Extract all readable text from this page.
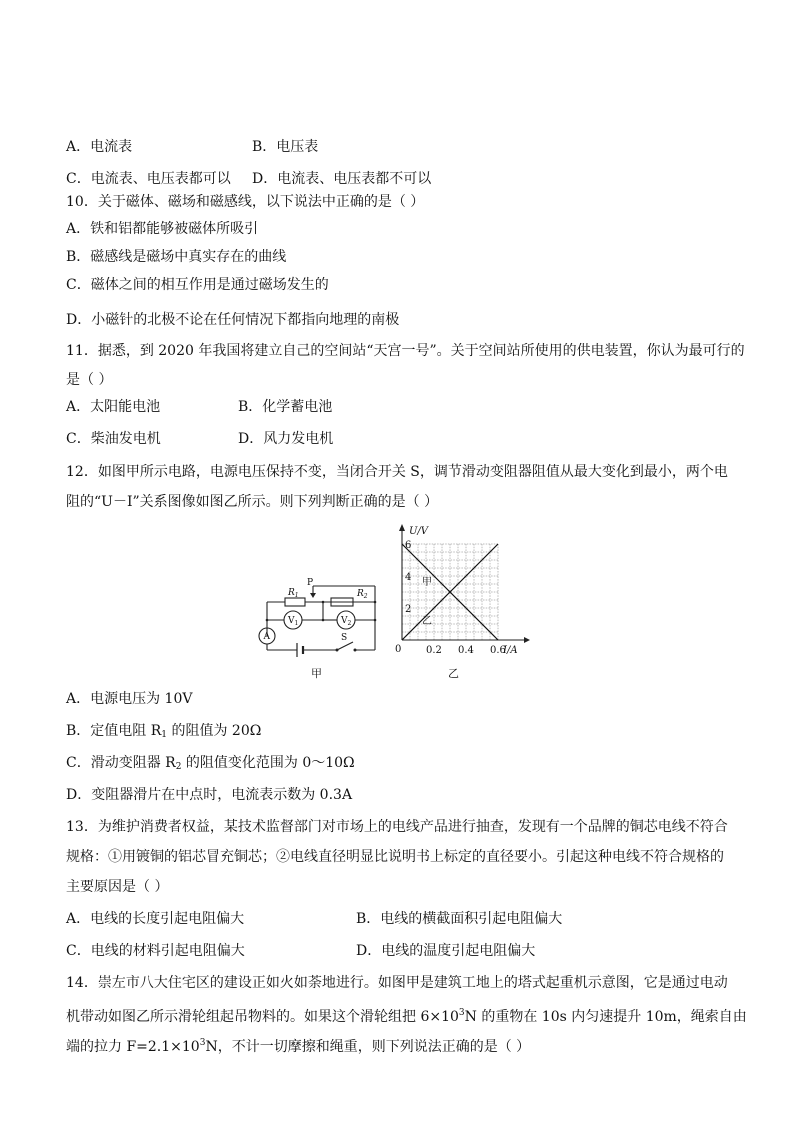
A．电流表	B．电压表
C．电流表、电压表都可以 D．电流表、电压表都不可以
10．关于磁体、磁场和磁感线，以下说法中正确的是（ ）
A．铁和铝都能够被磁体所吸引
B．磁感线是磁场中真实存在的曲线
C．磁体之间的相互作用是通过磁场发生的
D．小磁针的北极不论在任何情况下都指向地理的南极
11．据悉，到 2020 年我国将建立自己的空间站“天宫一号”。关于空间站所使用的供电装置，你认为最可行的
是（ ）
A．太阳能电池	B．化学蓄电池
C．柴油发电机	D．风力发电机
12．如图甲所示电路，电源电压保持不变，当闭合开关 S，调节滑动变阻器阻值从最大变化到最小，两个电
阻的“U－I”关系图像如图乙所示。则下列判断正确的是（ ）
$R_1$
P
$R_2$
$V_1$	$V_2$
A	S
甲
0.2 0.4 0.6
2
4
6
U/V
I/A
0
甲
乙
乙
A．电源电压为 10V
B．定值电阻 $R_1$ 的阻值为 20Ω
C．滑动变阻器 $R_2$ 的阻值变化范围为 0～10Ω
D．变阻器滑片在中点时，电流表示数为 0.3A
13．为维护消费者权益，某技术监督部门对市场上的电线产品进行抽查，发现有一个品牌的铜芯电线不符合
规格：①用镀铜的铝芯冒充铜芯；②电线直径明显比说明书上标定的直径要小。引起这种电线不符合规格的
主要原因是（ ）
A．电线的长度引起电阻偏大	B．电线的横截面积引起电阻偏大
C．电线的材料引起电阻偏大	D．电线的温度引起电阻偏大
14．崇左市八大住宅区的建设正如火如荼地进行。如图甲是建筑工地上的塔式起重机示意图，它是通过电动
机带动如图乙所示滑轮组起吊物料的。如果这个滑轮组把 $6\times 10^3N$ 的重物在 10s 内匀速提升 10m，绳索自由
端的拉力 $F=2.1\times 10^3N$，不计一切摩擦和绳重，则下列说法正确的是（ ）
